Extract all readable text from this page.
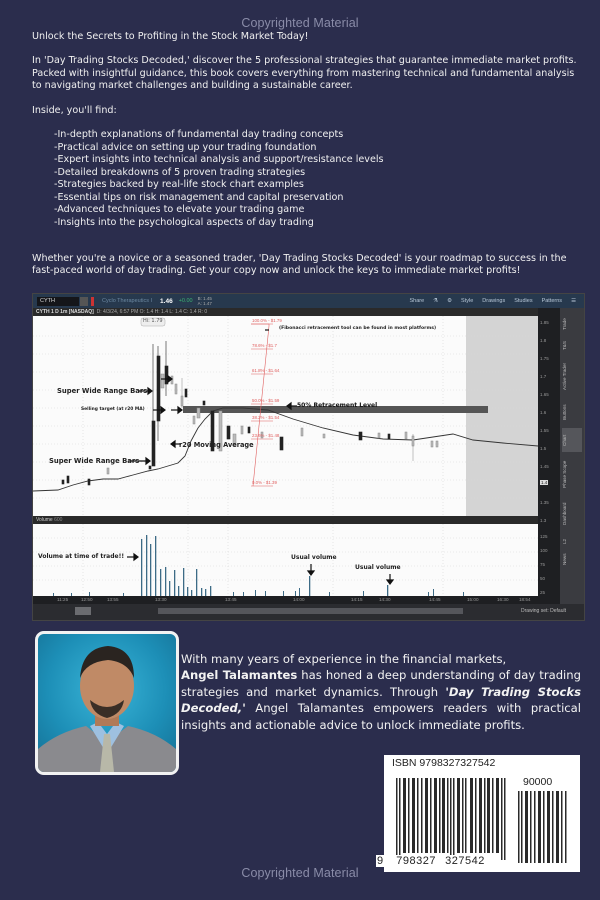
Copyrighted Material

Unlock the Secrets to Profiting in the Stock Market Today!

In 'Day Trading Stocks Decoded,' discover the 5 professional strategies that guarantee immediate market profits. Packed with insightful guidance, this book covers everything from mastering technical and fundamental analysis to navigating market challenges and building a sustainable career.

Inside, you'll find:

-In-depth explanations of fundamental day trading concepts
-Practical advice on setting up your trading foundation
-Expert insights into technical analysis and support/resistance levels
-Detailed breakdowns of 5 proven trading strategies
-Strategies backed by real-life stock chart examples
-Essential tips on risk management and capital preservation
-Advanced techniques to elevate your trading game
-Insights into the psychological aspects of day trading

Whether you're a novice or a seasoned trader, 'Day Trading Stocks Decoded' is your roadmap to success in the fast-paced world of day trading. Get your copy now and unlock the keys to immediate market profits!

CYTH	Cyclo Therapeutics I 1.46 +0.00 B: 1.45
A: 1.47	Share ⚗ ⚙ Style Drawings Studies Patterns ☰
CYTH 1 D 1m [NASDAQ] D: 4/3/24, 6:57 PM O: 1.4 H: 1.4 L: 1.4 C: 1.4 R: 0
Hi: 1.79
Super Wide Range Bars
Selling target (at r20 MA)
r20 Moving Average
Super Wide Range Bars
(Fibonacci retracement tool can be found in most platforms)
50% Retracement Level
100.0% - $1.79
78.6% - $1.7
61.8% - $1.64
50.0% - $1.59
38.2% - $1.54
23.6% - $1.48
0.0% - $1.39
1.85
1.8
1.75
1.7
1.65
1.6
1.55
1.5
1.45
1.4
1.35
1.3
125
100
75
50
25
Trade
T&S
Active Trader
Buttons
Chart
Phase Scope
Dashboard
L2
News
Volume 600
Volume at time of trade!!	Usual volume
Usual volume
11:25	12:50	13:55	13:30	13:45	14:00	14:15	14:30	14:45	15:00	16:30 18:54
Drawing set: Default
With many years of experience in the financial markets,
Angel Talamantes has honed a deep understanding of day trading strategies and market dynamics. Through 'Day Trading Stocks Decoded,' Angel Talamantes empowers readers with practical insights and actionable advice to unlock immediate profits.
ISBN 9798327327542
90000
9 798327 327542
Copyrighted Material
